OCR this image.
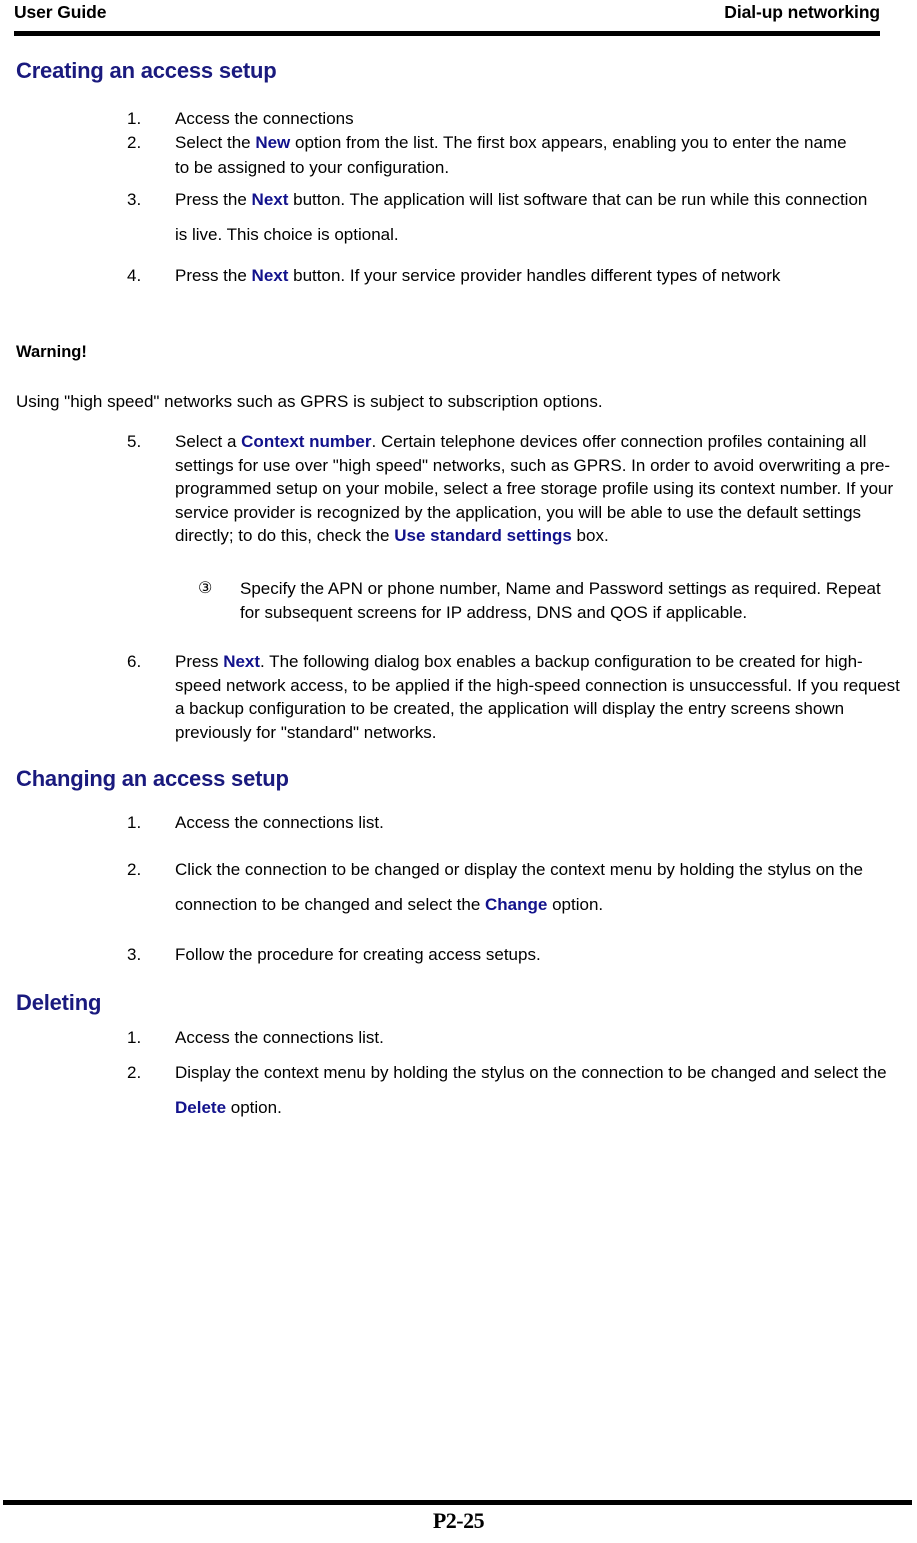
User Guide	Dial-up networking
Creating an access setup
1.	Access the connections
2.	Select the New option from the list. The first box appears, enabling you to enter the name to be assigned to your configuration.
3.	Press the Next button. The application will list software that can be run while this connection is live. This choice is optional.
4.	Press the Next button. If your service provider handles different types of network
Warning!
Using "high speed" networks such as GPRS is subject to subscription options.
5.	Select a Context number. Certain telephone devices offer connection profiles containing all settings for use over "high speed" networks, such as GPRS. In order to avoid overwriting a pre-programmed setup on your mobile, select a free storage profile using its context number. If your service provider is recognized by the application, you will be able to use the default settings directly; to do this, check the Use standard settings box.
③	Specify the APN or phone number, Name and Password settings as required. Repeat for subsequent screens for IP address, DNS and QOS if applicable.
6.	Press Next. The following dialog box enables a backup configuration to be created for high-speed network access, to be applied if the high-speed connection is unsuccessful. If you request a backup configuration to be created, the application will display the entry screens shown previously for "standard" networks.
Changing an access setup
1.	Access the connections list.
2.	Click the connection to be changed or display the context menu by holding the stylus on the connection to be changed and select the Change option.
3.	Follow the procedure for creating access setups.
Deleting
1.	Access the connections list.
2.	Display the context menu by holding the stylus on the connection to be changed and select the Delete option.
P2-25
